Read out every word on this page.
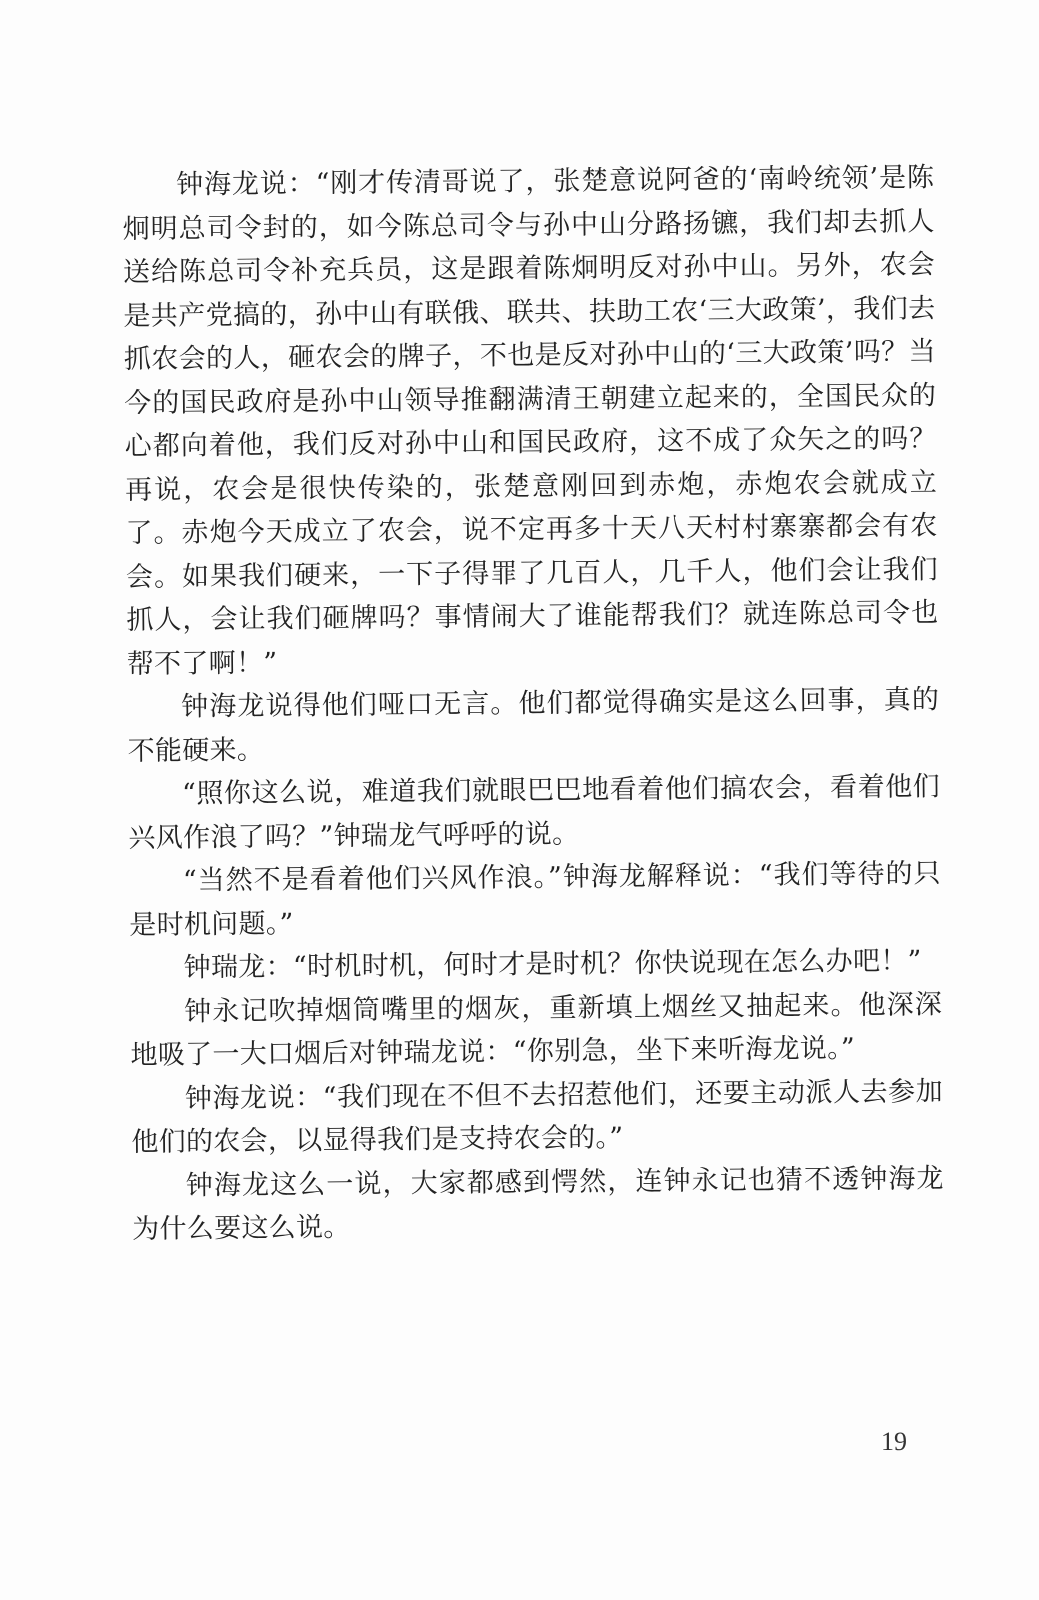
钟海龙说：“刚才传清哥说了，张楚意说阿爸的‘南岭统领’是陈炯明总司令封的，如今陈总司令与孙中山分路扬镳，我们却去抓人送给陈总司令补充兵员，这是跟着陈炯明反对孙中山。另外，农会是共产党搞的，孙中山有联俄、联共、扶助工农‘三大政策’，我们去抓农会的人，砸农会的牌子，不也是反对孙中山的‘三大政策’吗？当今的国民政府是孙中山领导推翻满清王朝建立起来的，全国民众的心都向着他，我们反对孙中山和国民政府，这不成了众矢之的吗？再说，农会是很快传染的，张楚意刚回到赤炮，赤炮农会就成立了。赤炮今天成立了农会，说不定再多十天八天村村寨寨都会有农会。如果我们硬来，一下子得罪了几百人，几千人，他们会让我们抓人，会让我们砸牌吗？事情闹大了谁能帮我们？就连陈总司令也帮不了啊！”

钟海龙说得他们哑口无言。他们都觉得确实是这么回事，真的不能硬来。

“照你这么说，难道我们就眼巴巴地看着他们搞农会，看着他们兴风作浪了吗？”钟瑞龙气呼呼的说。

“当然不是看着他们兴风作浪。”钟海龙解释说：“我们等待的只是时机问题。”

钟瑞龙：“时机时机，何时才是时机？你快说现在怎么办吧！”

钟永记吹掉烟筒嘴里的烟灰，重新填上烟丝又抽起来。他深深地吸了一大口烟后对钟瑞龙说：“你别急，坐下来听海龙说。”

钟海龙说：“我们现在不但不去招惹他们，还要主动派人去参加他们的农会，以显得我们是支持农会的。”

钟海龙这么一说，大家都感到愕然，连钟永记也猜不透钟海龙为什么要这么说。

19
